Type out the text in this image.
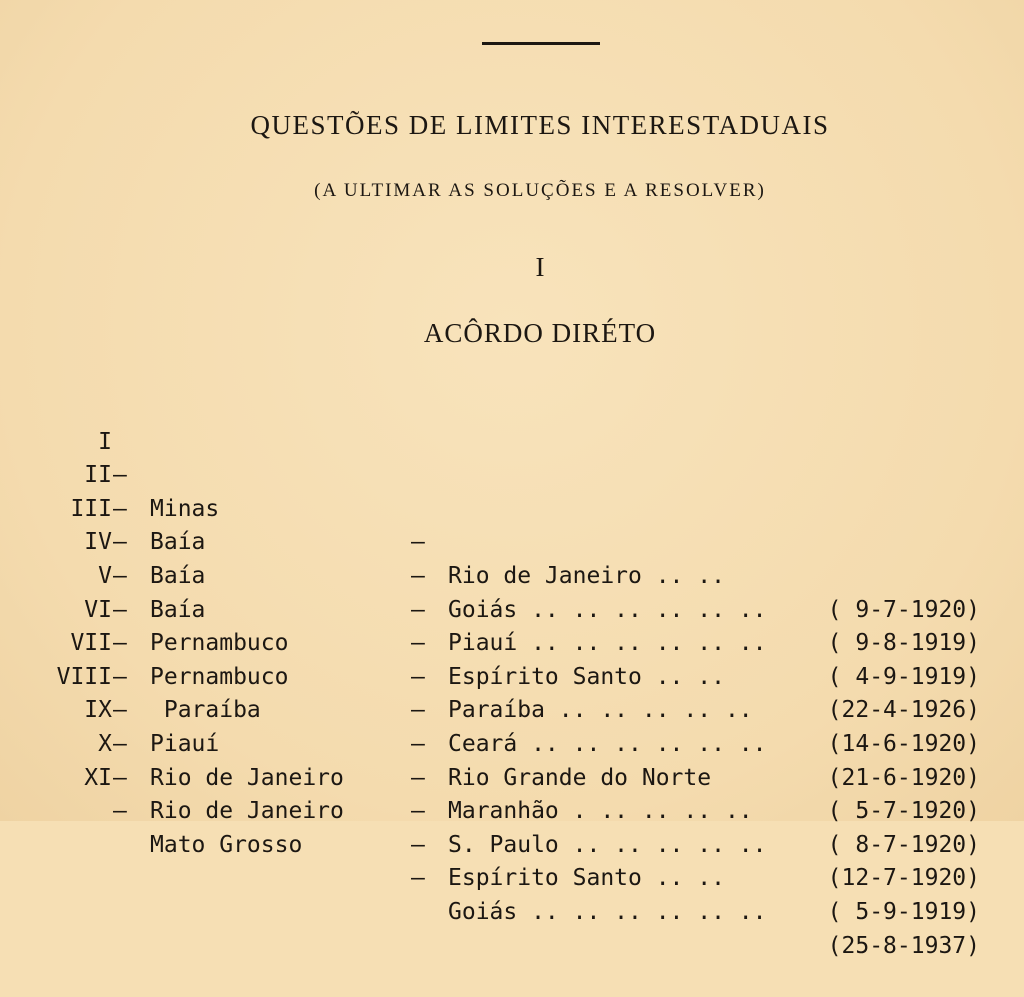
QUESTÕES DE LIMITES INTERESTADUAIS
(A ULTIMAR AS SOLUÇÕES E A RESOLVER)
I
ACÔRDO DIRÉTO

I

—

Minas

—

Rio de Janeiro .. ..

( 9-7-1920)

II

—

Baía

—

Goiás .. .. .. .. .. ..

( 9-8-1919)

III

—

Baía

—

Piauí .. .. .. .. .. ..

( 4-9-1919)

IV

—

Baía

—

Espírito Santo .. ..

(22-4-1926)

V

—

Pernambuco

—

Paraíba .. .. .. .. ..

(14-6-1920)

VI

—

Pernambuco

—

Ceará .. .. .. .. .. ..

(21-6-1920)

VII

—

Paraíba

—

Rio Grande do Norte

( 5-7-1920)

VIII

—

Piauí

—

Maranhão . .. .. .. ..

( 8-7-1920)

IX

—

Rio de Janeiro

—

S. Paulo .. .. .. .. ..

(12-7-1920)

X

—

Rio de Janeiro

—

Espírito Santo .. ..

( 5-9-1919)

XI

—

Mato Grosso

—

Goiás .. .. .. .. .. ..

(25-8-1937)
